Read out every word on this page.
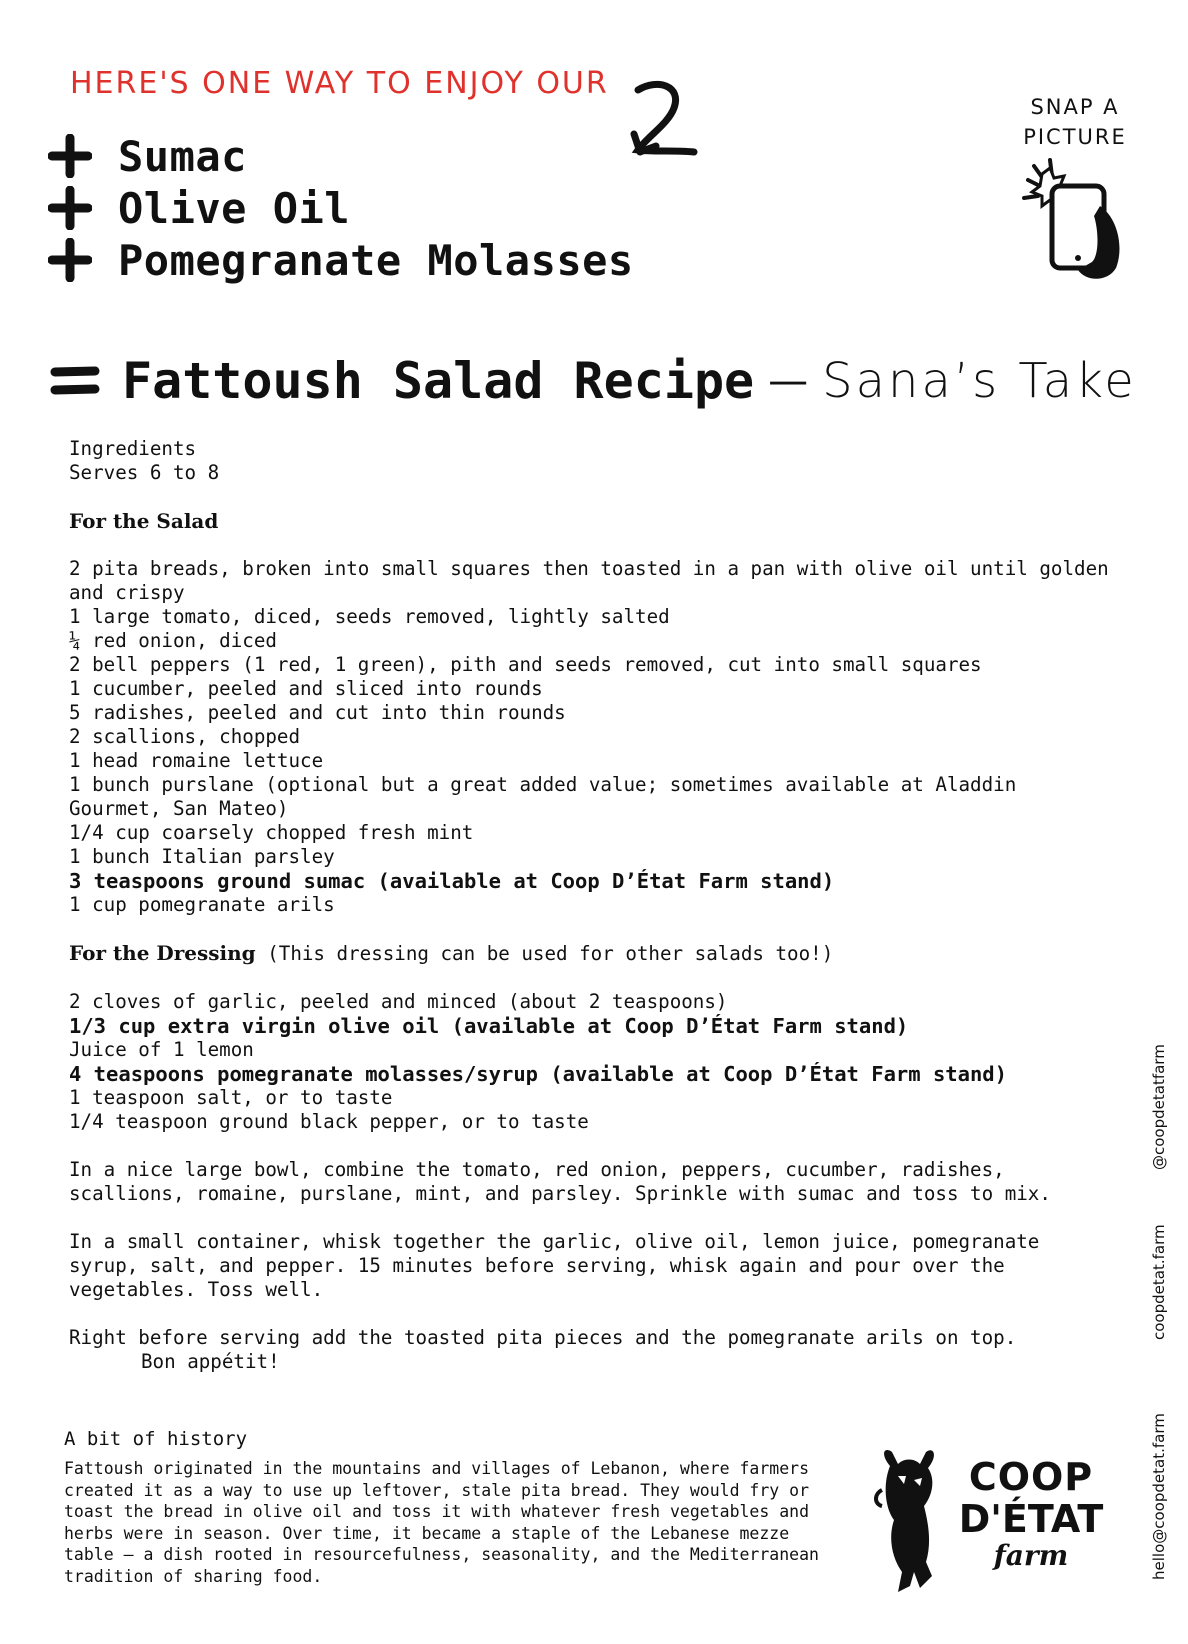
HERE'S ONE WAY TO ENJOY OUR
Sumac
Olive Oil
Pomegranate Molasses
SNAP A
PICTURE
Fattoush Salad Recipe — Sana’s Take
Ingredients
Serves 6 to 8
For the Salad
2 pita breads, broken into small squares then toasted in a pan with olive oil until golden and crispy
1 large tomato, diced, seeds removed, lightly salted
¼ red onion, diced
2 bell peppers (1 red, 1 green), pith and seeds removed, cut into small squares
1 cucumber, peeled and sliced into rounds
5 radishes, peeled and cut into thin rounds
2 scallions, chopped
1 head romaine lettuce
1 bunch purslane (optional but a great added value; sometimes available at Aladdin Gourmet, San Mateo)
1/4 cup coarsely chopped fresh mint
1 bunch Italian parsley
3 teaspoons ground sumac (available at Coop D’État Farm stand)
1 cup pomegranate arils
For the Dressing (This dressing can be used for other salads too!)
2 cloves of garlic, peeled and minced (about 2 teaspoons)
1/3 cup extra virgin olive oil (available at Coop D’État Farm stand)
Juice of 1 lemon
4 teaspoons pomegranate molasses/syrup (available at Coop D’État Farm stand)
1 teaspoon salt, or to taste
1/4 teaspoon ground black pepper, or to taste
In a nice large bowl, combine the tomato, red onion, peppers, cucumber, radishes, scallions, romaine, purslane, mint, and parsley. Sprinkle with sumac and toss to mix.
In a small container, whisk together the garlic, olive oil, lemon juice, pomegranate syrup, salt, and pepper. 15 minutes before serving, whisk again and pour over the vegetables. Toss well.
Right before serving add the toasted pita pieces and the pomegranate arils on top.
Bon appétit!
@coopdetatfarm
coopdetat.farm
hello@coopdetat.farm
A bit of history
Fattoush originated in the mountains and villages of Lebanon, where farmers created it as a way to use up leftover, stale pita bread. They would fry or toast the bread in olive oil and toss it with whatever fresh vegetables and herbs were in season. Over time, it became a staple of the Lebanese mezze table — a dish rooted in resourcefulness, seasonality, and the Mediterranean tradition of sharing food.
COOP
D'ÉTAT
farm
